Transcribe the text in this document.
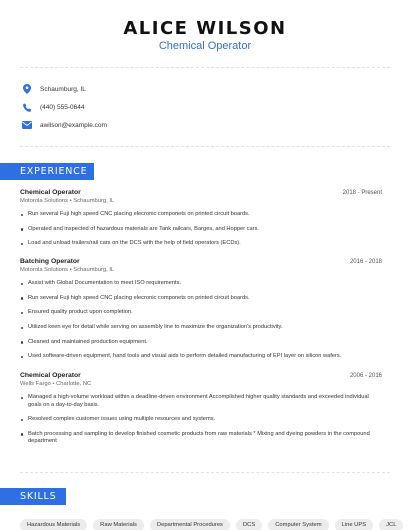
ALICE WILSON
Chemical Operator
Schaumburg, IL
(440) 555-0644
awilson@example.com
EXPERIENCE
Chemical Operator	2018 - Present
Motorola Solutions • Schaumburg, IL
Run several Fuji high speed CNC placing elecronic componets on printed circuit boards.
Operated and inspected of hazardous materials are Tank railcars, Barges, and Hopper cars.
Load and unload trailers/rail cars on the DCS with the help of field operators (ECDs).
Batching Operator	2016 - 2018
Motorola Solutions • Schaumburg, IL
Assist with Global Documentation to meet ISO requirements.
Run several Fuji high speed CNC placing elecronic componets on printed circuit boards.
Ensured quality product upon completion.
Utilized keen eye for detail while serving on assembly line to maximize the organization's productivity.
Cleaned and maintained production equipment.
Used software-driven equipment, hand tools and visual aids to perform detailed manufacturing of EPI layer on silicon wafers.
Chemical Operator	2006 - 2016
Wells Fargo • Charlotte, NC
Managed a high-volume workload within a deadline-driven environment Accomplished higher quality standards and exceeded individual goals on a day-to-day basis.
Resolved complex customer issues using multiple resources and systems.
Batch processing and sampling to develop finished cosmetic products from raw materials * Mixing and dyeing powders in the compound department
SKILLS
Hazardous Materials	Raw Materials	Departmental Procedures	DCS	Computer System	Line UPS	JCL
